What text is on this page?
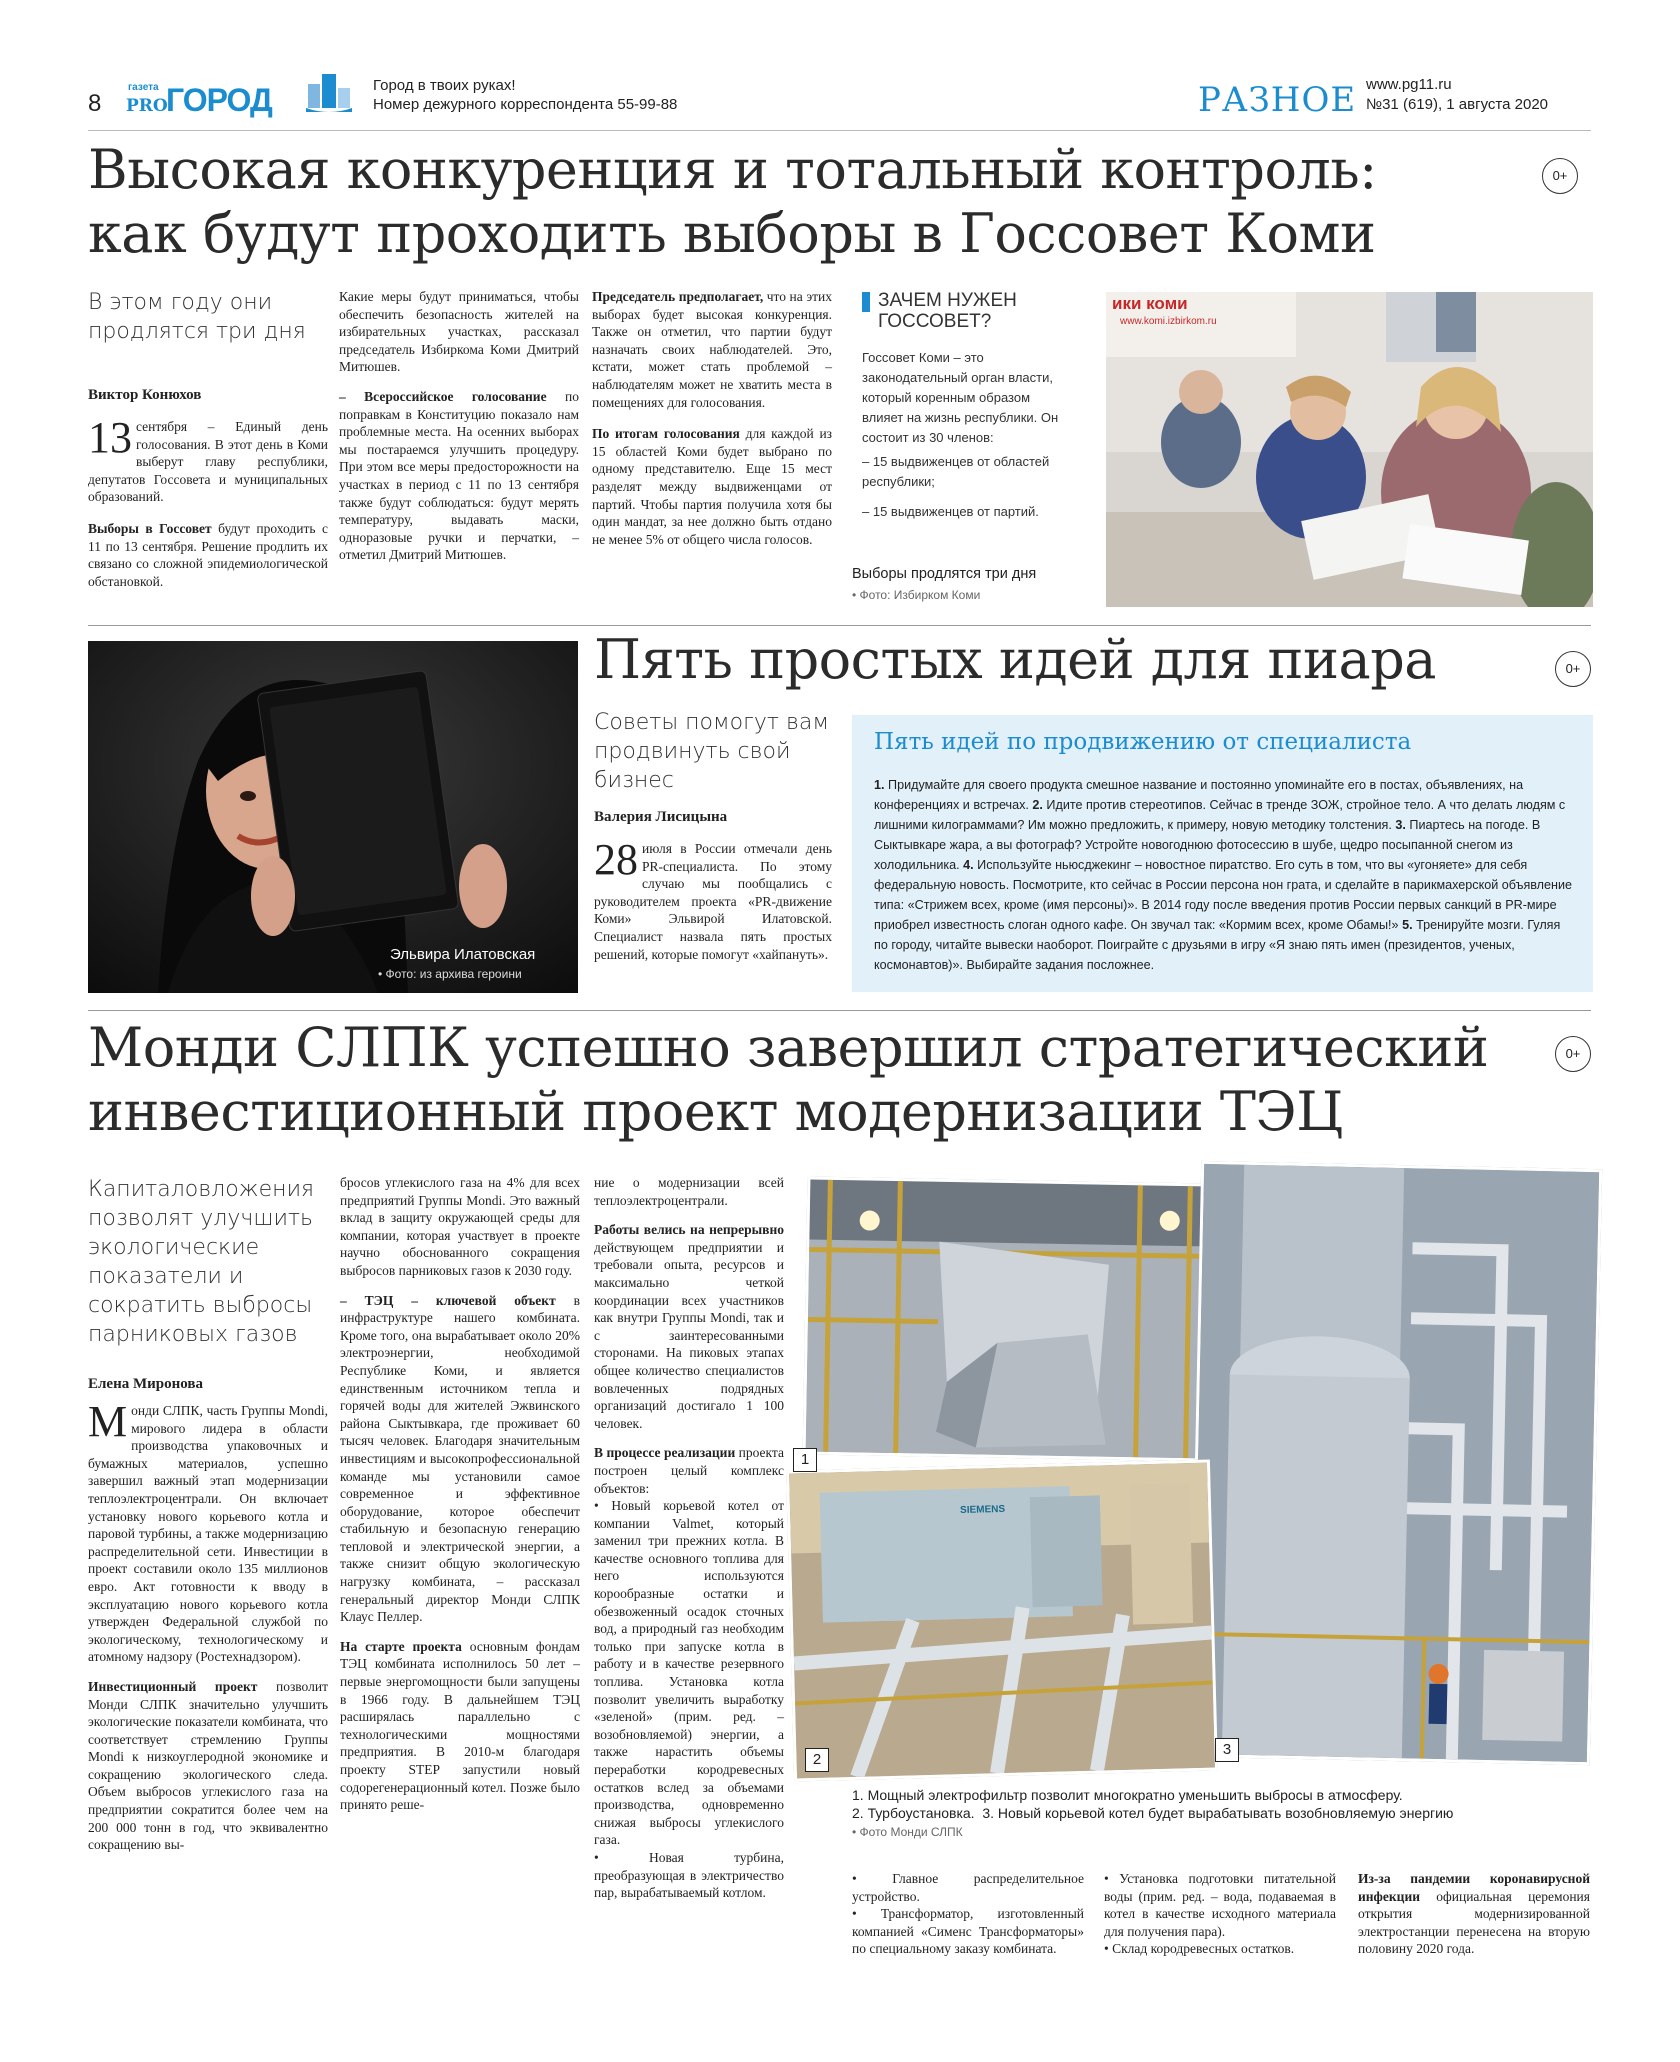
8
газета
PRO
ГОРОД	Город в твоих руках!
Номер дежурного корреспондента 55-99-88	РАЗНОЕ www.pg11.ru
№31 (619), 1 августа 2020
Высокая конкуренция и тотальный контроль: как будут проходить выборы в Госсовет Коми
0+
В этом году они продлятся три дня
Виктор Конюхов

13 сентября – Единый день голосования. В этот день в Коми выберут главу республики, депутатов Госсовета и муниципальных образований.

Выборы в Госсовет будут проходить с 11 по 13 сентября. Решение продлить их связано со сложной эпидемиологической обстановкой.

Какие меры будут приниматься, чтобы обеспечить безопасность жителей на избирательных участках, рассказал председатель Избиркома Коми Дмитрий Митюшев.

– Всероссийское голосование по поправкам в Конституцию показало нам проблемные места. На осенних выборах мы постараемся улучшить процедуру. При этом все меры предосторожности на участках в период с 11 по 13 сентября также будут соблюдаться: будут мерять температуру, выдавать маски, одноразовые ручки и перчатки, – отметил Дмитрий Митюшев.

Председатель предполагает, что на этих выборах будет высокая конкуренция. Также он отметил, что партии будут назначать своих наблюдателей. Это, кстати, может стать проблемой – наблюдателям может не хватить места в помещениях для голосования.

По итогам голосования для каждой из 15 областей Коми будет выбрано по одному представителю. Еще 15 мест разделят между выдвиженцами от партий. Чтобы партия получила хотя бы один мандат, за нее должно быть отдано не менее 5% от общего числа голосов.

ЗАЧЕМ НУЖЕН ГОССОВЕТ?
Госсовет Коми – это законодательный орган власти, который коренным образом влияет на жизнь республики. Он состоит из 30 членов:
– 15 выдвиженцев от областей республики;
– 15 выдвиженцев от партий.
Выборы продлятся три дня
• Фото: Избирком Коми
ики коми
www.komi.izbirkom.ru
Эльвира Илатовская
• Фото: из архива героини
Пять простых идей для пиара	0+
Советы помогут вам продвинуть свой бизнес
Валерия Лисицына

28 июля в России отмечали день PR-специалиста. По этому случаю мы пообщались с руководителем проекта «PR-движение Коми» Эльвирой Илатовской. Специалист назвала пять простых решений, которые помогут «хайпануть».

Пять идей по продвижению от специалиста
1. Придумайте для своего продукта смешное название и постоянно упоминайте его в постах, объявлениях, на конференциях и встречах. 2. Идите против стереотипов. Сейчас в тренде ЗОЖ, стройное тело. А что делать людям с лишними килограммами? Им можно предложить, к примеру, новую методику толстения. 3. Пиартесь на погоде. В Сыктывкаре жара, а вы фотограф? Устройте новогоднюю фотосессию в шубе, щедро посыпанной снегом из холодильника. 4. Используйте ньюсджекинг – новостное пиратство. Его суть в том, что вы «угоняете» для себя федеральную новость. Посмотрите, кто сейчас в России персона нон грата, и сделайте в парикмахерской объявление типа: «Стрижем всех, кроме (имя персоны)». В 2014 году после введения против России первых санкций в PR-мире приобрел известность слоган одного кафе. Он звучал так: «Кормим всех, кроме Обамы!» 5. Тренируйте мозги. Гуляя по городу, читайте вывески наоборот. Поиграйте с друзьями в игру «Я знаю пять имен (президентов, ученых, космонавтов)». Выбирайте задания посложнее.
Монди СЛПК успешно завершил стратегический инвестиционный проект модернизации ТЭЦ
0+
Капиталовложения позволят улучшить экологические показатели и сократить выбросы парниковых газов
Елена Миронова

Монди СЛПК, часть Группы Mondi, мирового лидера в области производства упаковочных и бумажных материалов, успешно завершил важный этап модернизации теплоэлектроцентрали. Он включает установку нового корьевого котла и паровой турбины, а также модернизацию распределительной сети. Инвестиции в проект составили около 135 миллионов евро. Акт готовности к вводу в эксплуатацию нового корьевого котла утвержден Федеральной службой по экологическому, технологическому и атомному надзору (Ростехнадзором).

Инвестиционный проект позволит Монди СЛПК значительно улучшить экологические показатели комбината, что соответствует стремлению Группы Mondi к низкоуглеродной экономике и сокращению экологического следа. Объем выбросов углекислого газа на предприятии сократится более чем на 200 000 тонн в год, что эквивалентно сокращению вы-

бросов углекислого газа на 4% для всех предприятий Группы Mondi. Это важный вклад в защиту окружающей среды для компании, которая участвует в проекте научно обоснованного сокращения выбросов парниковых газов к 2030 году.

– ТЭЦ – ключевой объект в инфраструктуре нашего комбината. Кроме того, она вырабатывает около 20% электроэнергии, необходимой Республике Коми, и является единственным источником тепла и горячей воды для жителей Эжвинского района Сыктывкара, где проживает 60 тысяч человек. Благодаря значительным инвестициям и высокопрофессиональной команде мы установили самое современное и эффективное оборудование, которое обеспечит стабильную и безопасную генерацию тепловой и электрической энергии, а также снизит общую экологическую нагрузку комбината, – рассказал генеральный директор Монди СЛПК Клаус Пеллер.

На старте проекта основным фондам ТЭЦ комбината исполнилось 50 лет – первые энергомощности были запущены в 1966 году. В дальнейшем ТЭЦ расширялась параллельно с технологическими мощностями предприятия. В 2010-м благодаря проекту STEP запустили новый содорегенерационный котел. Позже было принято реше-

ние о модернизации всей теплоэлектроцентрали.

Работы велись на непрерывно действующем предприятии и требовали опыта, ресурсов и максимально четкой координации всех участников как внутри Группы Mondi, так и с заинтересованными сторонами. На пиковых этапах общее количество специалистов вовлеченных подрядных организаций достигало 1 100 человек.

В процессе реализации проекта построен целый комплекс объектов:

• Новый корьевой котел от компании Valmet, который заменил три прежних котла. В качестве основного топлива для него используются корообразные остатки и обезвоженный осадок сточных вод, а природный газ необходим только при запуске котла в работу и в качестве резервного топлива. Установка котла позволит увеличить выработку «зеленой» (прим. ред. – возобновляемой) энергии, а также нарастить объемы переработки кородревесных остатков вслед за объемами производства, одновременно снижая выбросы углекислого газа.
• Новая турбина, преобразующая в электричество пар, вырабатываемый котлом.
SIEMENS
1
2
3
1. Мощный электрофильтр позволит многократно уменьшить выбросы в атмосферу.
2. Турбоустановка.  3. Новый корьевой котел будет вырабатывать возобновляемую энергию
• Фото Монди СЛПК
• Главное распределительное устройство.
• Трансформатор, изготовленный компанией «Сименс Трансформаторы» по специальному заказу комбината.
• Установка подготовки питательной воды (прим. ред. – вода, подаваемая в котел в качестве исходного материала для получения пара).
• Склад кородревесных остатков.

Из-за пандемии коронавирусной инфекции официальная церемония открытия модернизированной электростанции перенесена на вторую половину 2020 года.
